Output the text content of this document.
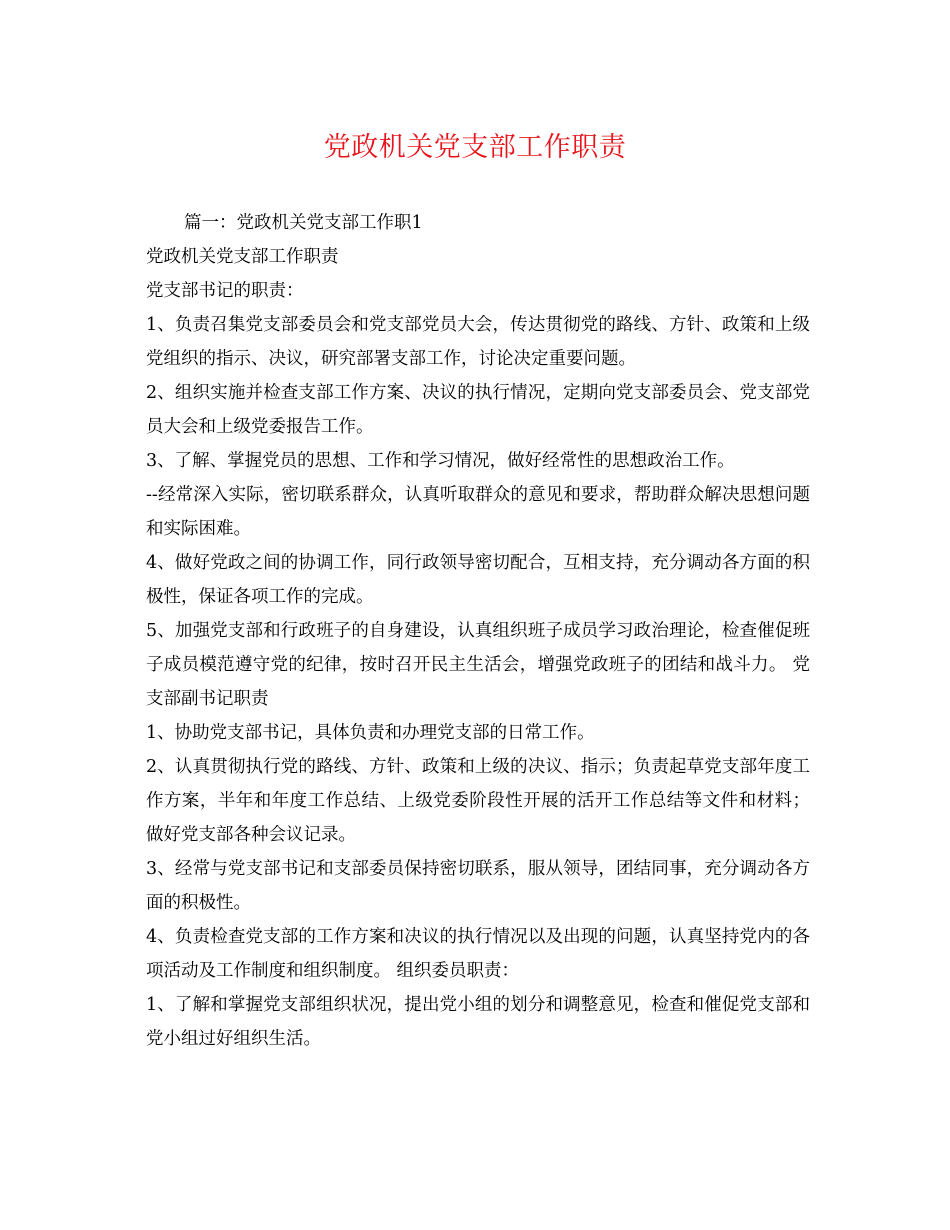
党政机关党支部工作职责

篇一：党政机关党支部工作职1

党政机关党支部工作职责

党支部书记的职责：

1、负责召集党支部委员会和党支部党员大会，传达贯彻党的路线、方针、政策和上级党组织的指示、决议，研究部署支部工作，讨论决定重要问题。

2、组织实施并检查支部工作方案、决议的执行情况，定期向党支部委员会、党支部党员大会和上级党委报告工作。

3、了解、掌握党员的思想、工作和学习情况，做好经常性的思想政治工作。

--经常深入实际，密切联系群众，认真听取群众的意见和要求，帮助群众解决思想问题和实际困难。

4、做好党政之间的协调工作，同行政领导密切配合，互相支持，充分调动各方面的积极性，保证各项工作的完成。

5、加强党支部和行政班子的自身建设，认真组织班子成员学习政治理论，检查催促班子成员模范遵守党的纪律，按时召开民主生活会，增强党政班子的团结和战斗力。 党支部副书记职责

1、协助党支部书记，具体负责和办理党支部的日常工作。

2、认真贯彻执行党的路线、方针、政策和上级的决议、指示；负责起草党支部年度工作方案，半年和年度工作总结、上级党委阶段性开展的活开工作总结等文件和材料；做好党支部各种会议记录。

3、经常与党支部书记和支部委员保持密切联系，服从领导，团结同事，充分调动各方面的积极性。

4、负责检查党支部的工作方案和决议的执行情况以及出现的问题，认真坚持党内的各项活动及工作制度和组织制度。 组织委员职责：

1、了解和掌握党支部组织状况，提出党小组的划分和调整意见，检查和催促党支部和党小组过好组织生活。
